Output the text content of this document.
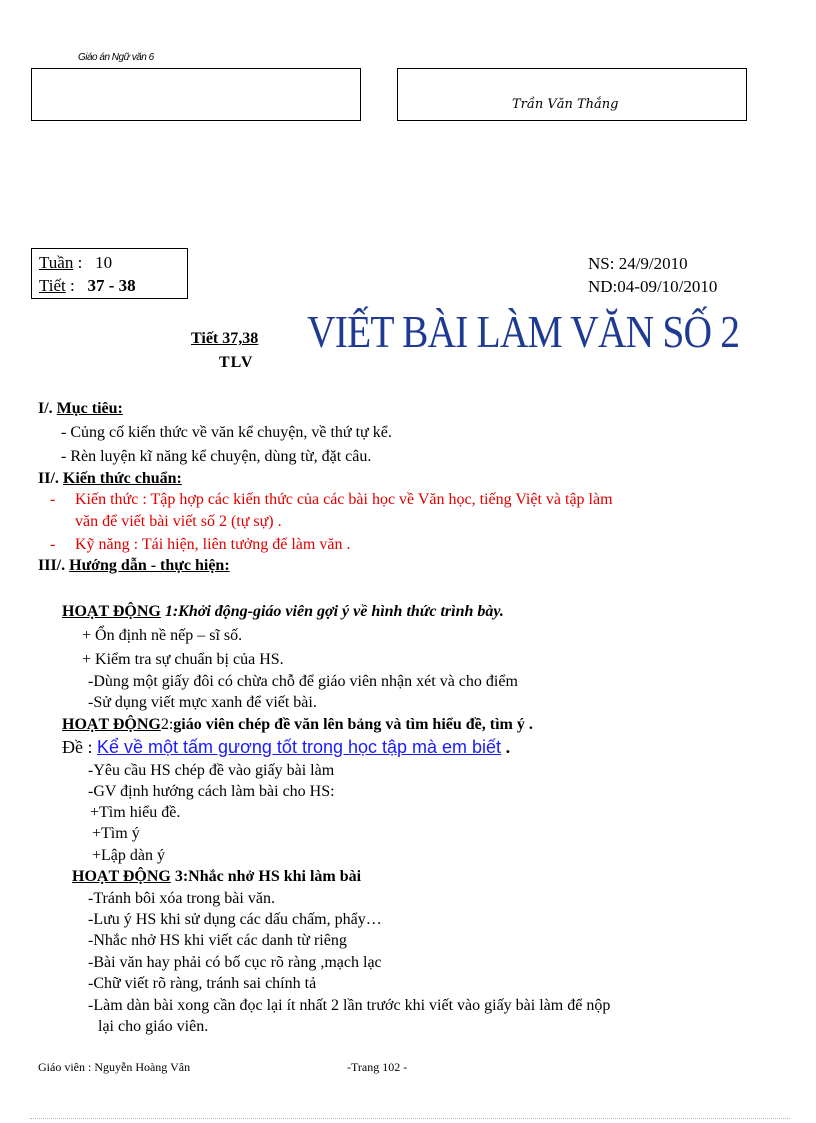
Giáo án Ngữ văn 6
Trần Văn Thắng
Tuần :   10
Tiết :   37 - 38
NS: 24/9/2010
ND:04-09/10/2010
Tiết 37,38
TLV
VIẾT BÀI LÀM VĂN SỐ 2
I/. Mục tiêu:
- Củng cố kiến thức về văn kể chuyện, về thứ tự kể.
- Rèn luyện kĩ năng kể chuyện, dùng từ, đặt câu.
II/. Kiến thức chuẩn:
- Kiến thức : Tập hợp các kiến thức của các bài học về Văn học, tiếng Việt và tập làm
văn để viết bài viết số 2 (tự sự) .
- Kỹ năng : Tái hiện, liên tưởng để làm văn .
III/. Hướng dẫn - thực hiện:
HOẠT ĐỘNG 1:Khởi động-giáo viên gợi ý về hình thức trình bày.
+ Ổn định nề nếp – sĩ số.
+ Kiểm tra sự chuẩn bị của HS.
-Dùng một giấy đôi có chừa chỗ để giáo viên nhận xét và cho điểm
-Sử dụng viết mực xanh để viết bài.
HOẠT ĐỘNG2:giáo viên chép đề văn lên bảng và tìm hiểu đề, tìm ý .
Đề : Kể về một tấm gương tốt trong học tập mà em biết .
-Yêu cầu HS chép đề vào giấy bài làm
-GV định hướng cách làm bài cho HS:
+Tìm hiểu đề.
+Tìm ý
+Lập dàn ý
HOẠT ĐỘNG 3:Nhắc nhở HS khi làm bài
-Tránh bôi xóa trong bài văn.
-Lưu ý HS khi sử dụng các dấu chấm, phẩy…
-Nhắc nhở HS khi viết các danh từ riêng
-Bài văn hay phải có bố cục rõ ràng ,mạch lạc
-Chữ viết rõ ràng, tránh sai chính tả
-Làm dàn bài xong cần đọc lại ít nhất 2 lần trước khi viết vào giấy bài làm để nộp
lại cho giáo viên.
Giáo viên : Nguyễn Hoàng Vân	-Trang 102 -
